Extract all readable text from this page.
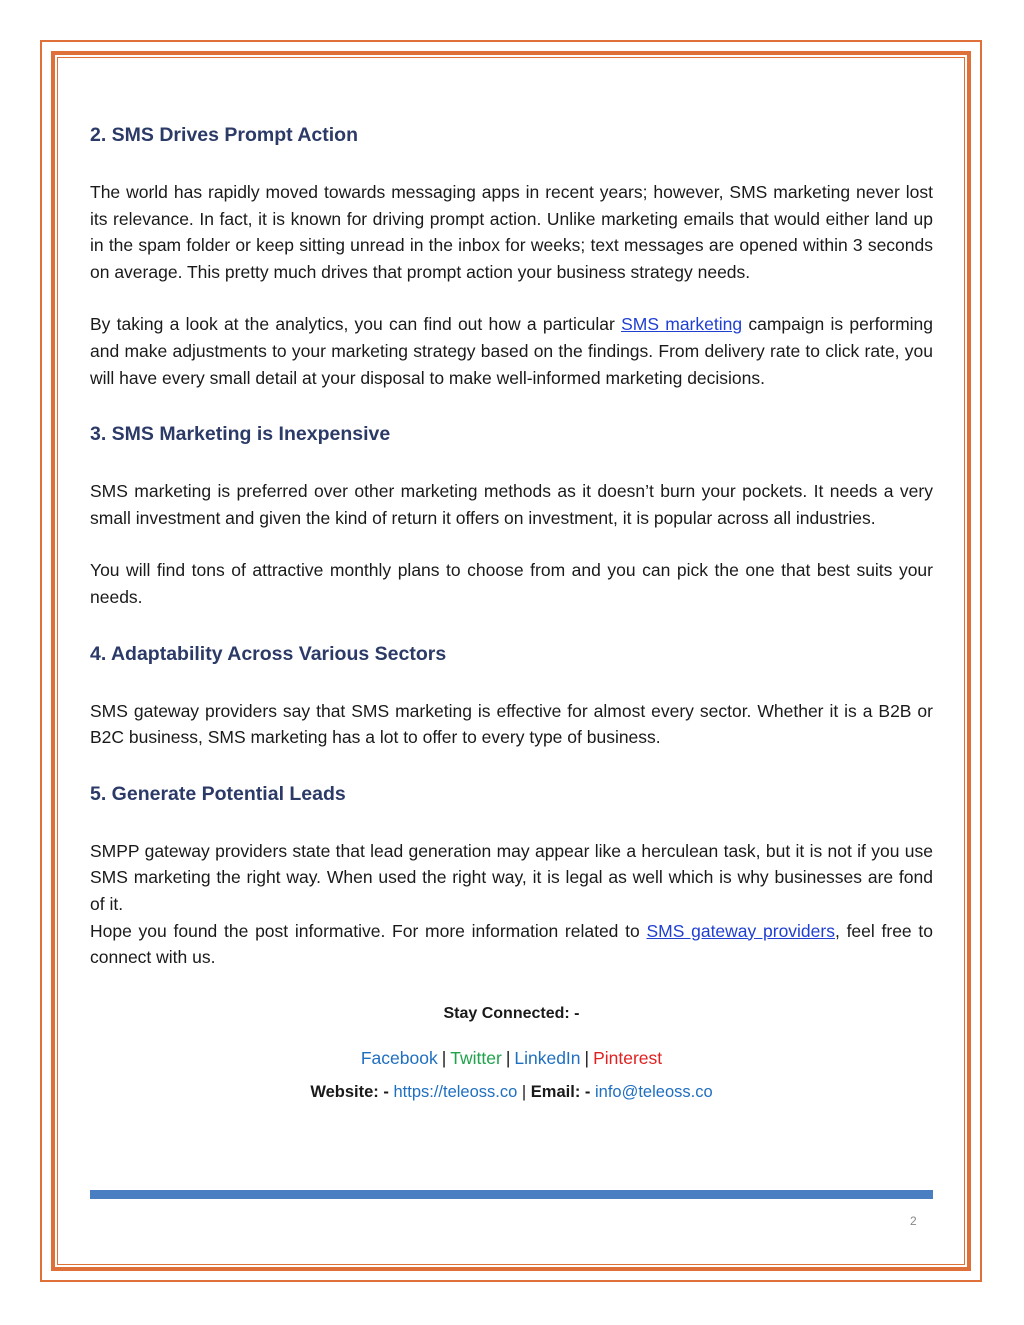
2. SMS Drives Prompt Action

The world has rapidly moved towards messaging apps in recent years; however, SMS marketing never lost its relevance. In fact, it is known for driving prompt action. Unlike marketing emails that would either land up in the spam folder or keep sitting unread in the inbox for weeks; text messages are opened within 3 seconds on average. This pretty much drives that prompt action your business strategy needs.

By taking a look at the analytics, you can find out how a particular SMS marketing campaign is performing and make adjustments to your marketing strategy based on the findings. From delivery rate to click rate, you will have every small detail at your disposal to make well-informed marketing decisions.

3. SMS Marketing is Inexpensive

SMS marketing is preferred over other marketing methods as it doesn’t burn your pockets. It needs a very small investment and given the kind of return it offers on investment, it is popular across all industries.

You will find tons of attractive monthly plans to choose from and you can pick the one that best suits your needs.

4. Adaptability Across Various Sectors

SMS gateway providers say that SMS marketing is effective for almost every sector. Whether it is a B2B or B2C business, SMS marketing has a lot to offer to every type of business.

5. Generate Potential Leads

SMPP gateway providers state that lead generation may appear like a herculean task, but it is not if you use SMS marketing the right way. When used the right way, it is legal as well which is why businesses are fond of it.

Hope you found the post informative. For more information related to SMS gateway providers, feel free to connect with us.

Stay Connected: -
Facebook | Twitter | LinkedIn | Pinterest
Website: - https://teleoss.co | Email: - info@teleoss.co
2
